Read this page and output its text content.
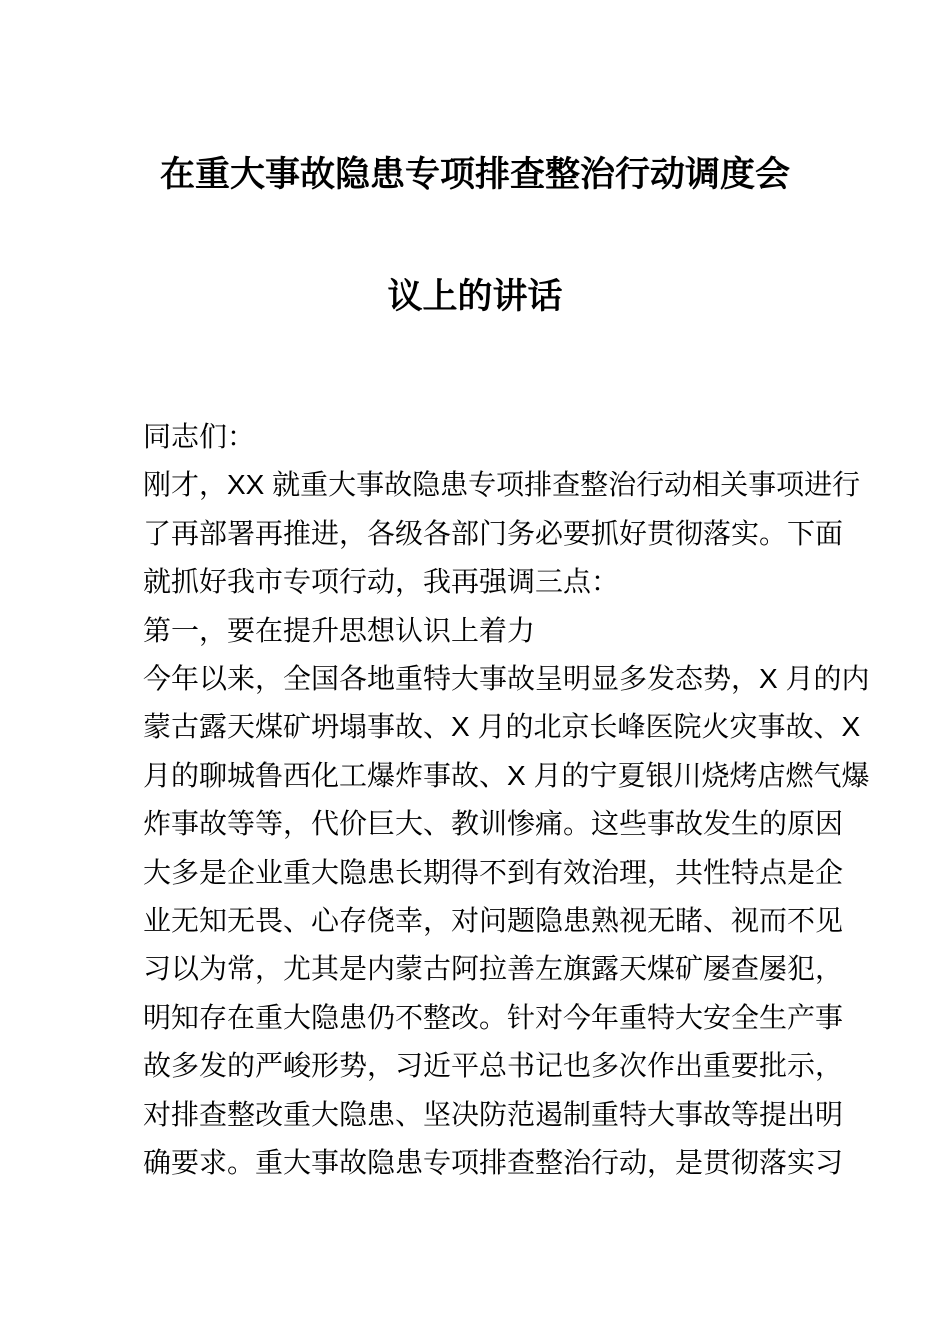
在重大事故隐患专项排查整治行动调度会
议上的讲话
同志们：
刚才，XX 就重大事故隐患专项排查整治行动相关事项进行
了再部署再推进，各级各部门务必要抓好贯彻落实。下面
就抓好我市专项行动，我再强调三点：
第一，要在提升思想认识上着力
今年以来，全国各地重特大事故呈明显多发态势，X 月的内
蒙古露天煤矿坍塌事故、X 月的北京长峰医院火灾事故、X
月的聊城鲁西化工爆炸事故、X 月的宁夏银川烧烤店燃气爆
炸事故等等，代价巨大、教训惨痛。这些事故发生的原因
大多是企业重大隐患长期得不到有效治理，共性特点是企
业无知无畏、心存侥幸，对问题隐患熟视无睹、视而不见
习以为常，尤其是内蒙古阿拉善左旗露天煤矿屡查屡犯，
明知存在重大隐患仍不整改。针对今年重特大安全生产事
故多发的严峻形势，习近平总书记也多次作出重要批示，
对排查整改重大隐患、坚决防范遏制重特大事故等提出明
确要求。重大事故隐患专项排查整治行动，是贯彻落实习
